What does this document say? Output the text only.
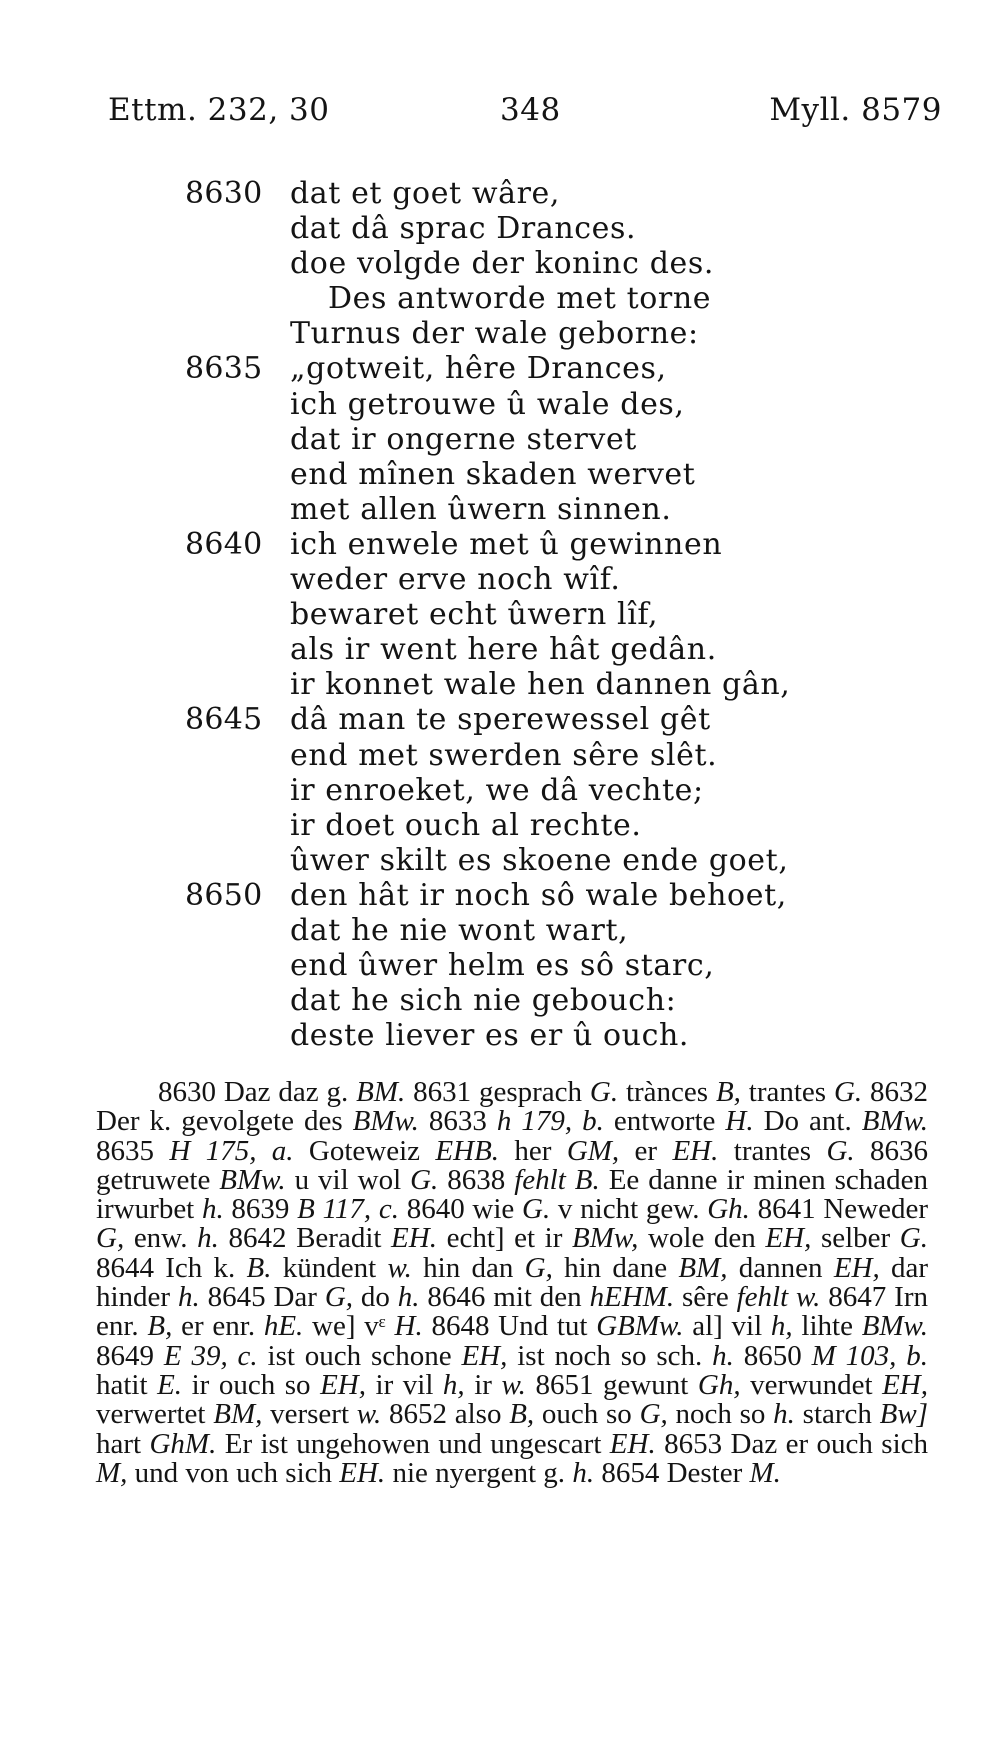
Ettm. 232, 30	348	Myll. 8579
8630 dat et goet wâre,
dat dâ sprac Drances.
doe volgde der koninc des.
Des antworde met torne
Turnus der wale geborne:
8635 „gotweit, hêre Drances,
ich getrouwe û wale des,
dat ir ongerne stervet
end mînen skaden wervet
met allen ûwern sinnen.
8640 ich enwele met û gewinnen
weder erve noch wîf.
bewaret echt ûwern lîf,
als ir went here hât gedân.
ir konnet wale hen dannen gân,
8645 dâ man te sperewessel gêt
end met swerden sêre slêt.
ir enroeket, we dâ vechte;
ir doet ouch al rechte.
ûwer skilt es skoene ende goet,
8650 den hât ir noch sô wale behoet,
dat he nie wont wart,
end ûwer helm es sô starc,
dat he sich nie gebouch:
deste liever es er û ouch.

8630 Daz daz g. BM. 8631 gesprach G. trànces B, trantes G. 8632 Der k. gevolgete des BMw. 8633 h 179, b. entworte H. Do ant. BMw. 8635 H 175, a. Goteweiz EHB. her GM, er EH. trantes G. 8636 getruwete BMw. u vil wol G. 8638 fehlt B. Ee danne ir minen schaden irwurbet h. 8639 B 117, c. 8640 wie G. v nicht gew. Gh. 8641 Neweder G, enw. h. 8642 Beradit EH. echt] et ir BMw, wole den EH, selber G. 8644 Ich k. B. kündent w. hin dan G, hin dane BM, dannen EH, dar hinder h. 8645 Dar G, do h. 8646 mit den hEHM. sêre fehlt w. 8647 Irn enr. B, er enr. hE. we] vᵋ H. 8648 Und tut GBMw. al] vil h, lihte BMw. 8649 E 39, c. ist ouch schone EH, ist noch so sch. h. 8650 M 103, b. hatit E. ir ouch so EH, ir vil h, ir w. 8651 gewunt Gh, verwundet EH, verwertet BM, versert w. 8652 also B, ouch so G, noch so h. starch Bw] hart GhM. Er ist ungehowen und ungescart EH. 8653 Daz er ouch sich M, und von uch sich EH. nie nyergent g. h. 8654 Dester M.
